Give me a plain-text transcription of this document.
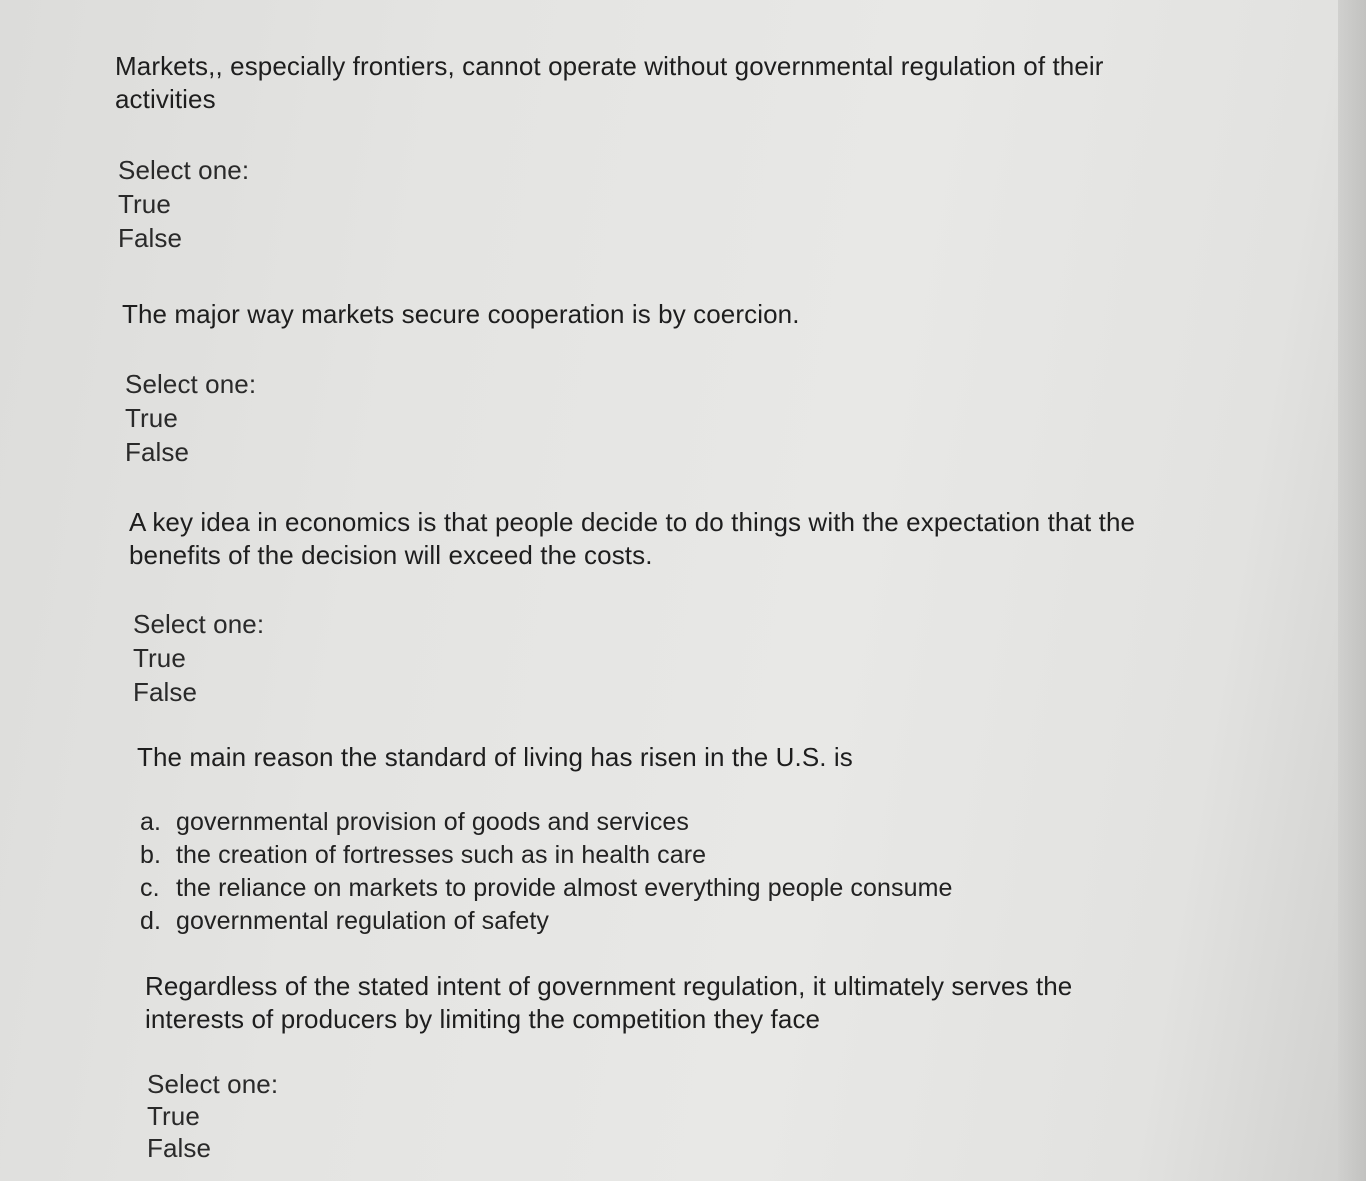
Markets,, especially frontiers, cannot operate without governmental regulation of their activities

Select one:

True
False

The major way markets secure cooperation is by coercion.

Select one:

True
False

A key idea in economics is that people decide to do things with the expectation that the benefits of the decision will exceed the costs.

Select one:

True
False

The main reason the standard of living has risen in the U.S. is

a. governmental provision of goods and services
b. the creation of fortresses such as in health care
c. the reliance on markets to provide almost everything people consume
d. governmental regulation of safety

Regardless of the stated intent of government regulation, it ultimately serves the interests of producers by limiting the competition they face

Select one:

True
False
